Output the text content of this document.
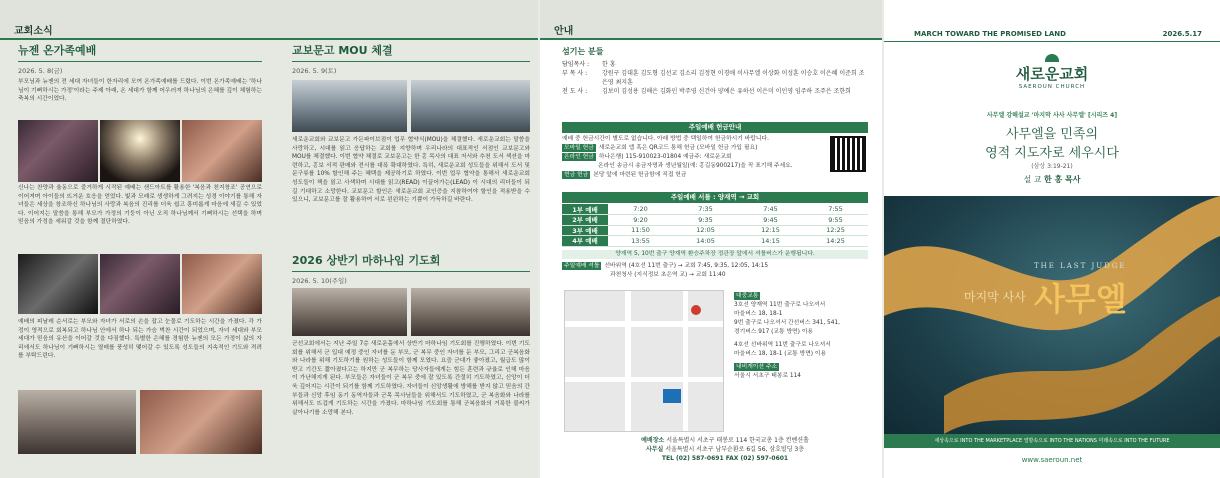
교회소식
뉴젠 온가족예배
2026. 5. 8(금)
부모님과 뉴젠의 전 세대 자녀들이 한자리에 모여 온가족예배를 드렸다. 이번 온가족예배는 '하나님이 기뻐하시는 가정'이라는 주제 아래, 온 세대가 함께 어우러져 하나님의 은혜를 깊이 체험하는 축복의 시간이었다.
신나는 찬양과 율동으로 즐거하게 시작된 예배는 샌드아트를 활용한 '복음과 천지창조' 공연으로 이어져며 아이들의 뜨거운 호응을 얻었다. 빛과 모래로 생생하게 그려지는 성경 이야기를 통해 자녀들은 세상을 창조하신 하나님의 사랑과 복음의 진리를 더욱 쉽고 흥미롭게 마음에 새길 수 있었다. 이어지는 말씀을 통해 부모가 가정의 기둥이 아닌 오직 하나님께서 기뻐하시는 선택을 하며 믿음의 가정을 세워갈 것을 함께 결단하였다.
예배의 피날레 순서로는 부모와 자녀가 서로의 손을 잡고 눈물로 기도하는 시간을 가졌다. 각 가정이 영적으로 회복되고 하나님 안에서 하나 되는 가슴 벅찬 시간이 되었으며, 자녀 세대와 부모 세대가 믿음의 유산을 이어갈 것을 다짐했다. 특별한 은혜를 경험한 뉴젠의 모든 가정이 삶의 자리에서도 하나님이 기뻐하시는 열매를 풍성히 맺어갈 수 있도록 성도들의 지속적인 기도와 격려를 부탁드린다.
교보문고 MOU 체결
2026. 5. 9(토)
새로운교회와 교보문고 가든파이브점이 업무 협약식(MOU)을 체결했다. 새로운교회는 말씀을 사랑하고, 시대를 읽고 응답하는 교회를 지향하며 우리나라의 대표적인 서점인 교보문고와 MOU를 체결했다. 이번 협약 체결로 교보문고는 한 홍 목사의 대표 저서와 추천 도서 섹션을 마련하고, 홍보 서적 판매와 전시를 대폭 확대하였다. 특히, 새로운교회 성도들을 위해서 도서 및 문구류를 10% 할인해 주는 혜택을 제공하기로 하였다. 이번 업무 협약을 통해서 새로운교회 성도들이 책을 읽고 사색하며 시대를 읽고(READ) 이끌어가는(LEAD) 이 시대의 리더들이 되길 기대하고 소망한다. 교보문고 할인은 새로운교회 교인증을 지참하여야 할인을 적용받을 수 있으니, 교보문고를 잘 활용하여 서로 윈윈하는 기쁨이 가득하길 바란다.
2026 상반기 마하나임 기도회
2026. 5. 10(주일)
군선교회에서는 지난 주일 7층 새로운홀에서 상반기 마하나임 기도회를 진행하였다. 이번 기도회를 위해서 군 입대 예정 중인 자녀를 둔 부모, 군 복무 중인 자녀를 둔 부모, 그리고 군복음화와 나라를 위해 기도하기를 원하는 성도들이 함께 모였다. 요즘 군대가 좋아졌고, 월급도 많이 받고 기간도 짧아졌다고는 하지만 군 복무하는 당사자들에게는 힘든 훈련과 규율로 인해 마음이 가난해지게 된다. 부모들은 자녀들이 군 복무 중에 잘 있도록 간절히 기도하였고, 신앙이 더욱 깊어지는 시간이 되기를 함께 기도하였다. 자녀들이 신앙생활에 방해를 받지 않고 믿음의 간부들과 신앙 후임 동기 동역자들과 군목 목사님들을 위해서도 기도하였고, 군 복음화와 나라를 위해서도 뜨겁게 기도하는 시간을 가졌다. 마하나임 기도회를 통해 군복음화의 거룩한 불씨가 살아나기를 소망해 본다.
안내
섬기는 분들
담임목사 :	한 홍
부 목 사 :	강원구 김대훈 김도형 김선교 김소리 김정현 이경애 이사무엘 이상화 이성훈 이승호 이은혜 이준희 조은영 최지훈
전 도 사 :	김보미 김성용 김해은 김화인 박주영 신건아 양예은 유하선 이은미 이인영 임주하 조주은 조한희
주일예배 헌금안내
예배 중 헌금시간이 별도로 없습니다. 아래 방법 중 택일하여 헌금하시기 바랍니다.
모바일 헌금 새로운교회 앱 혹은 QR코드 통해 헌금 (모바일 헌금 가입 필요)
온라인 헌금 하나은행) 115-910023-01804 예금주: 새로운교회
온라인 송금시 송금자명과 생년월일(예: 홍길동900217)을 꼭 표기해 주세요.
현금 헌금 본당 앞에 마련된 헌금함에 직접 헌금
주일예배 서틀 : 양재역 → 교회
1부 예배	7:20	7:35	7:45	7:55
2부 예배	9:20	9:35	9:45	9:55
3부 예배	11:50	12:05	12:15	12:25
4부 예배	13:55	14:05	14:15	14:25
양재역 5, 10번 출구 양재역 환승주차장 정관장 앞에서 셔틀버스가 운행됩니다.
주일예배 셔틀 선바위역 (4호선 11번 출구) → 교회 7:45, 9:35, 12:05, 14:15
과천청사 (지식정보 초은역 교) → 교회 11:40
대중교통
3호선 양재역 11번 출구로 나오셔서
마을버스 18, 18-1
9번 출구로 나오셔서 간선버스 341, 541,
경기버스 917 (교통 방면) 이용
4호선 선바위역 11번 출구로 나오셔서
마을버스 18, 18-1 (교통 방면) 이용
내비게이션 주소
서울시 서초구 태봉로 114
예배장소 서울특별시 서초구 태봉로 114 한국교총 1층 컨벤션홀
사무실 서울특별시 서초구 남부순환로 6길 56, 삼호빌딩 3층
TEL (02) 587-0691 FAX (02) 597-0601
MARCH TOWARD THE PROMISED LAND	2026.5.17
새로운교회
SAEROUN CHURCH
사무엘 강해설교 '마지막 사사 사무엘' [시리즈 4]
사무엘을 민족의
영적 지도자로 세우시다
(삼상 3:19-21)
설 교 한 홍 목사
THE LAST JUDGE
마지막 사사 사무엘
세상속으로 INTO THE MARKETPLACE 열방속으로 INTO THE NATIONS 미래속으로 INTO THE FUTURE
www.saeroun.net
